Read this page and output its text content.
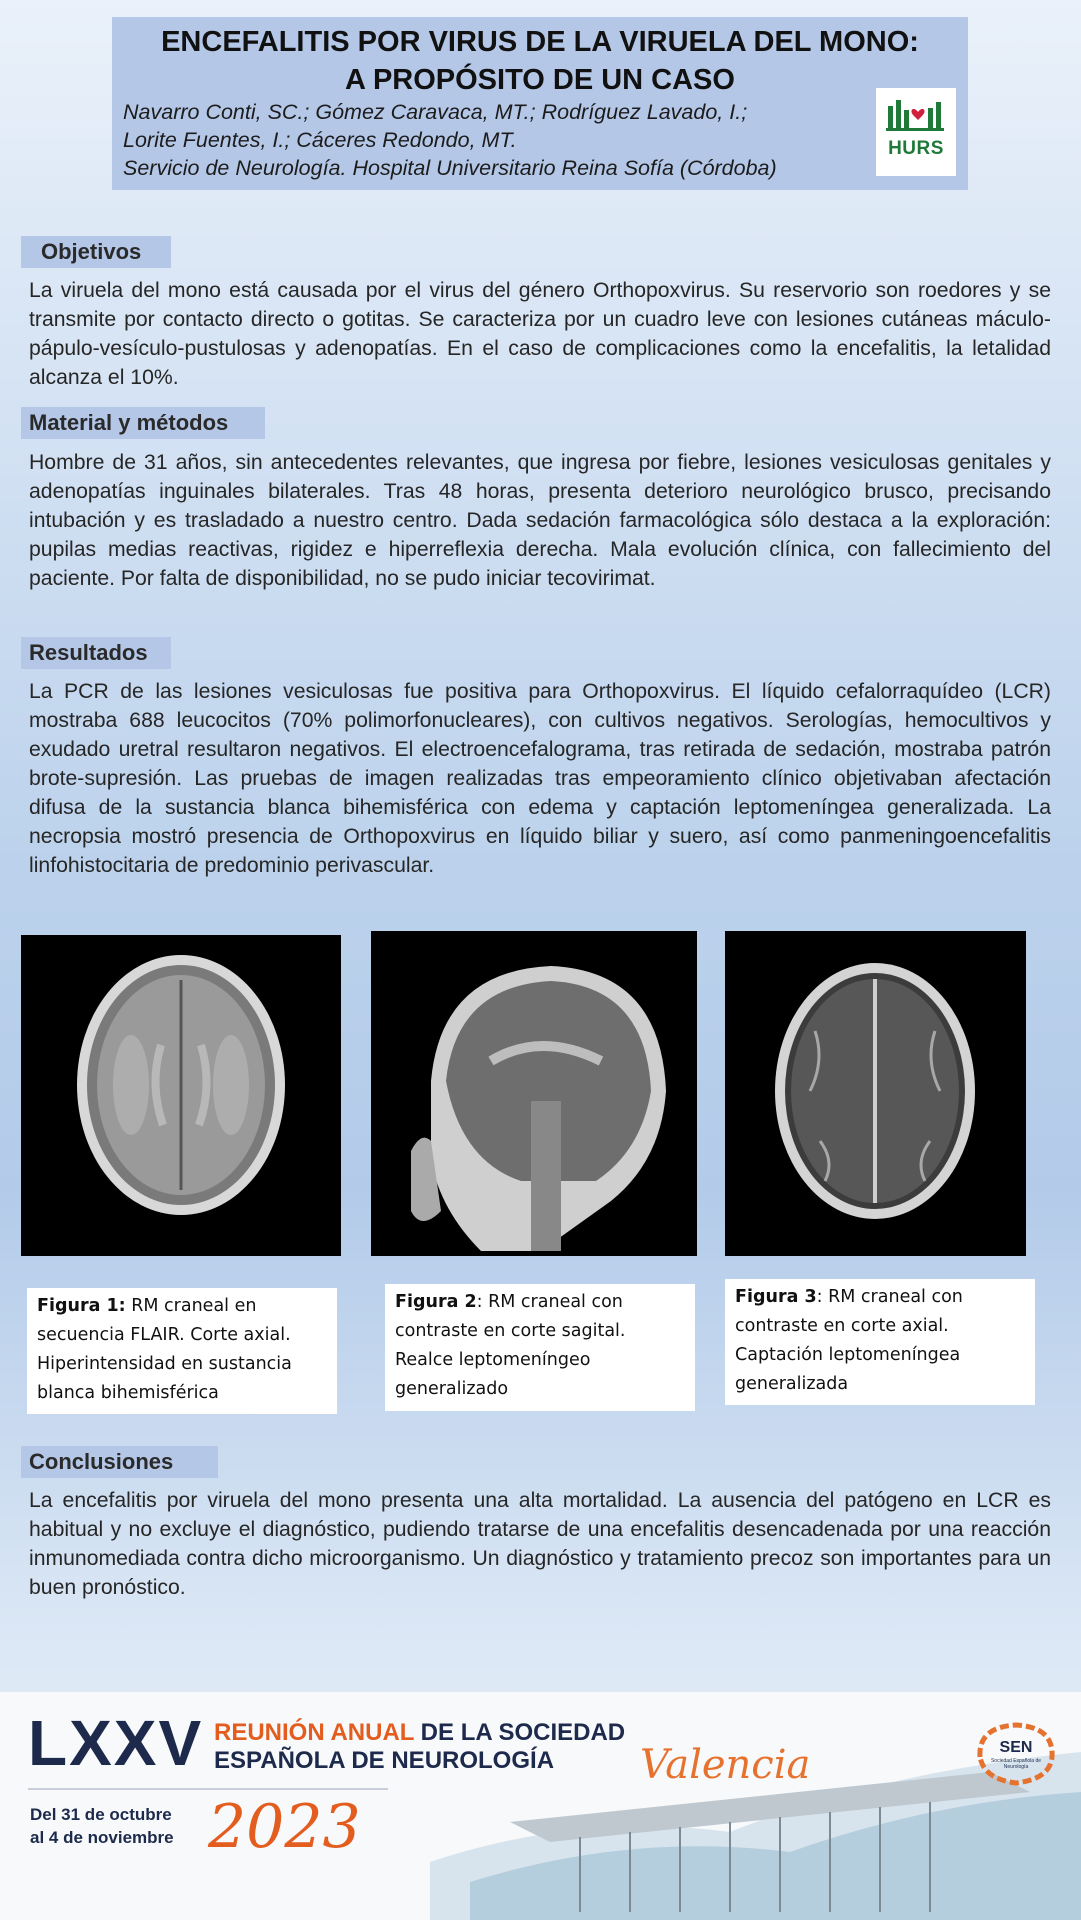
ENCEFALITIS POR VIRUS DE LA VIRUELA DEL MONO:
A PROPÓSITO DE UN CASO
Navarro Conti, SC.; Gómez Caravaca, MT.; Rodríguez Lavado, I.;
Lorite Fuentes, I.; Cáceres Redondo, MT.
Servicio de Neurología. Hospital Universitario Reina Sofía (Córdoba)
HURS
Objetivos
La viruela del mono está causada por el virus del género Orthopoxvirus. Su reservorio son roedores y se transmite por contacto directo o gotitas. Se caracteriza por un cuadro leve con lesiones cutáneas máculo-pápulo-vesículo-pustulosas y adenopatías. En el caso de complicaciones como la encefalitis, la letalidad alcanza el 10%.
Material y métodos
Hombre de 31 años, sin antecedentes relevantes, que ingresa por fiebre, lesiones vesiculosas genitales y adenopatías inguinales bilaterales. Tras 48 horas, presenta deterioro neurológico brusco, precisando intubación y es trasladado a nuestro centro. Dada sedación farmacológica sólo destaca a la exploración: pupilas medias reactivas, rigidez e hiperreflexia derecha. Mala evolución clínica, con fallecimiento del paciente. Por falta de disponibilidad, no se pudo iniciar tecovirimat.
Resultados
La PCR de las lesiones vesiculosas fue positiva para Orthopoxvirus. El líquido cefalorraquídeo (LCR) mostraba 688 leucocitos (70% polimorfonucleares), con cultivos negativos. Serologías, hemocultivos y exudado uretral resultaron negativos. El electroencefalograma, tras retirada de sedación, mostraba patrón brote-supresión. Las pruebas de imagen realizadas tras empeoramiento clínico objetivaban afectación difusa de la sustancia blanca bihemisférica con edema y captación leptomeníngea generalizada. La necropsia mostró presencia de Orthopoxvirus en líquido biliar y suero, así como panmeningoencefalitis linfohistocitaria de predominio perivascular.
Figura 1: RM craneal en secuencia FLAIR. Corte axial. Hiperintensidad en sustancia blanca bihemisférica
Figura 2: RM craneal con contraste en corte sagital. Realce leptomeníngeo generalizado
Figura 3: RM craneal con contraste en corte axial. Captación leptomeníngea generalizada
Conclusiones
La encefalitis por viruela del mono presenta una alta mortalidad. La ausencia del patógeno en LCR es habitual y no excluye el diagnóstico, pudiendo tratarse de una encefalitis desencadenada por una reacción inmunomediada contra dicho microorganismo. Un diagnóstico y tratamiento precoz son importantes para un buen pronóstico.
LXXV REUNIÓN ANUAL DE LA SOCIEDAD
ESPAÑOLA DE NEUROLOGÍA
Del 31 de octubre
al 4 de noviembre 2023
Valencia	SEN
Sociedad Española de Neurología
